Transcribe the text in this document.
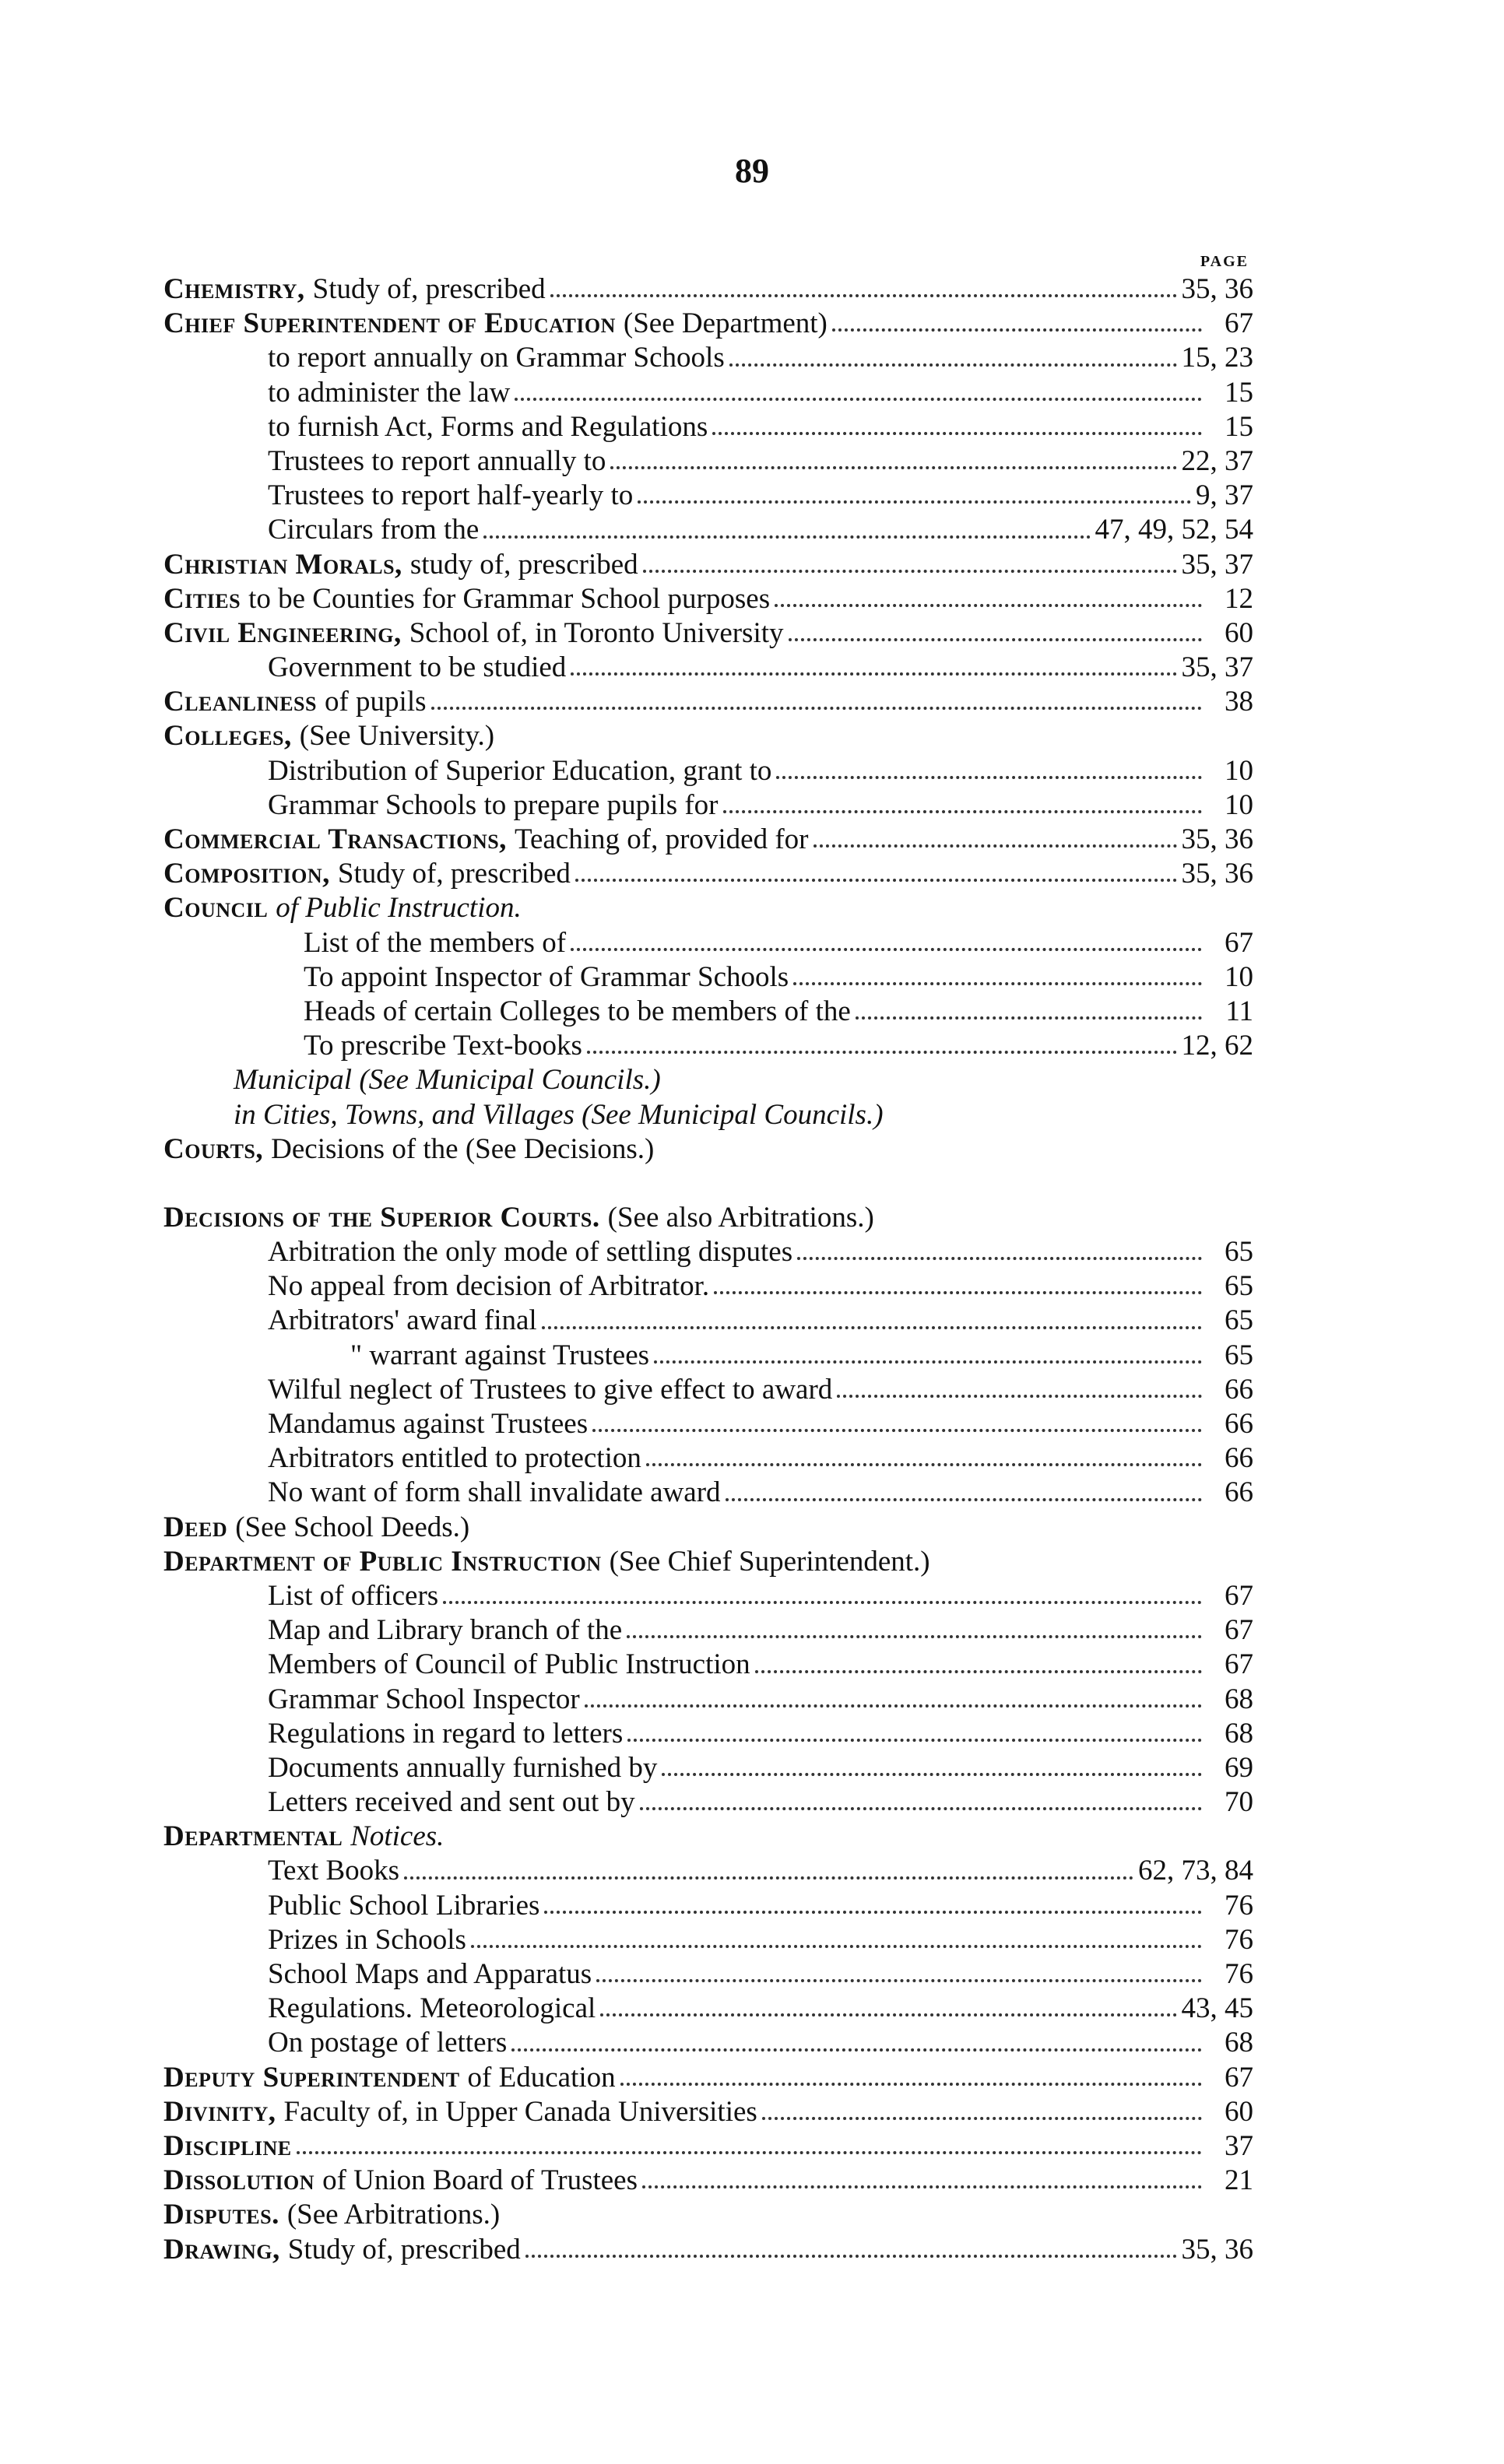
89
PAGE
Chemistry, Study of, prescribed	35, 36
Chief Superintendent of Education (See Department)	67
to report annually on Grammar Schools	15, 23
to administer the law	15
to furnish Act, Forms and Regulations	15
Trustees to report annually to	22, 37
Trustees to report half-yearly to	9, 37
Circulars from the	47, 49, 52, 54
Christian Morals, study of, prescribed	35, 37
Cities to be Counties for Grammar School purposes	12
Civil Engineering, School of, in Toronto University	60
Government to be studied	35, 37
Cleanliness of pupils	38
Colleges, (See University.)
Distribution of Superior Education, grant to	10
Grammar Schools to prepare pupils for	10
Commercial Transactions, Teaching of, provided for	35, 36
Composition, Study of, prescribed	35, 36
Council of Public Instruction.
List of the members of	67
To appoint Inspector of Grammar Schools	10
Heads of certain Colleges to be members of the	11
To prescribe Text-books	12, 62
Municipal (See Municipal Councils.)
in Cities, Towns, and Villages (See Municipal Councils.)
Courts, Decisions of the (See Decisions.)
Decisions of the Superior Courts. (See also Arbitrations.)
Arbitration the only mode of settling disputes	65
No appeal from decision of Arbitrator.	65
Arbitrators' award final	65
" warrant against Trustees	65
Wilful neglect of Trustees to give effect to award	66
Mandamus against Trustees	66
Arbitrators entitled to protection	66
No want of form shall invalidate award	66
Deed (See School Deeds.)
Department of Public Instruction (See Chief Superintendent.)
List of officers	67
Map and Library branch of the	67
Members of Council of Public Instruction	67
Grammar School Inspector	68
Regulations in regard to letters	68
Documents annually furnished by	69
Letters received and sent out by	70
Departmental Notices.
Text Books	62, 73, 84
Public School Libraries	76
Prizes in Schools	76
School Maps and Apparatus	76
Regulations. Meteorological	43, 45
On postage of letters	68
Deputy Superintendent of Education	67
Divinity, Faculty of, in Upper Canada Universities	60
Discipline	37
Dissolution of Union Board of Trustees	21
Disputes. (See Arbitrations.)
Drawing, Study of, prescribed	35, 36
